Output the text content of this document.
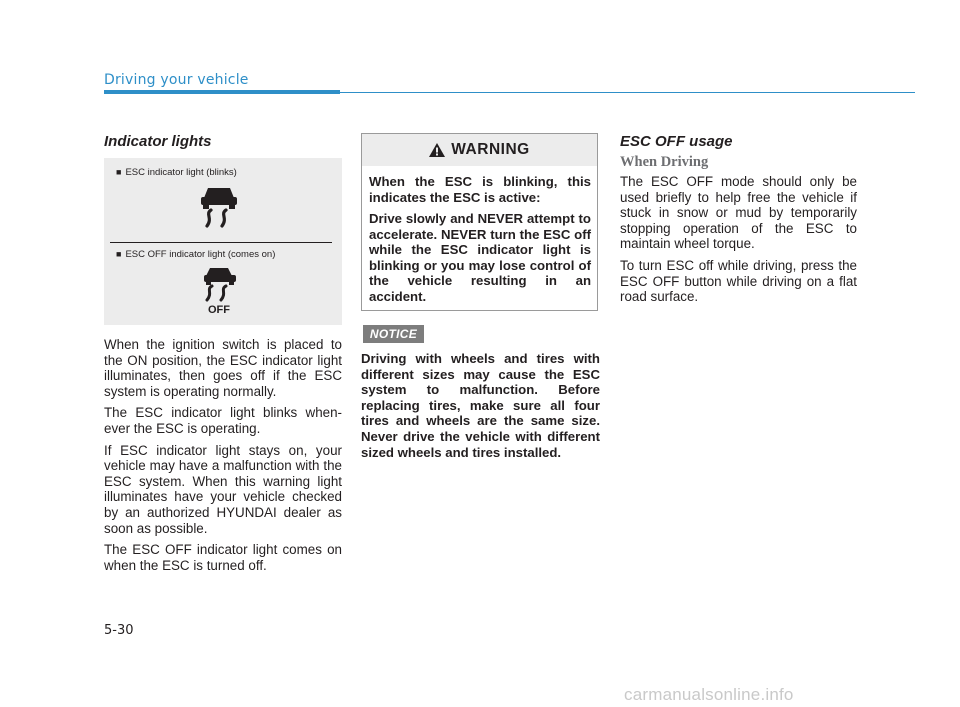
Driving your vehicle

Indicator lights

■ ESC indicator light (blinks)
■ ESC OFF indicator light (comes on)
OFF

When the ignition switch is placed to the ON position, the ESC indicator light illuminates, then goes off if the ESC system is operating normally.

The ESC indicator light blinks when-ever the ESC is operating.

If ESC indicator light stays on, your vehicle may have a malfunction with the ESC system. When this warning light illuminates have your vehicle checked by an authorized HYUNDAI dealer as soon as possible.

The ESC OFF indicator light comes on when the ESC is turned off.

WARNING

When the ESC is blinking, this indicates the ESC is active:

Drive slowly and NEVER attempt to accelerate. NEVER turn the ESC off while the ESC indicator light is blinking or you may lose control of the vehicle resulting in an accident.

NOTICE

Driving with wheels and tires with different sizes may cause the ESC system to malfunction. Before replacing tires, make sure all four tires and wheels are the same size. Never drive the vehicle with different sized wheels and tires installed.

ESC OFF usage

When Driving

The ESC OFF mode should only be used briefly to help free the vehicle if stuck in snow or mud by temporarily stopping operation of the ESC to maintain wheel torque.

To turn ESC off while driving, press the ESC OFF button while driving on a flat road surface.

5-30
carmanualsonline.info
